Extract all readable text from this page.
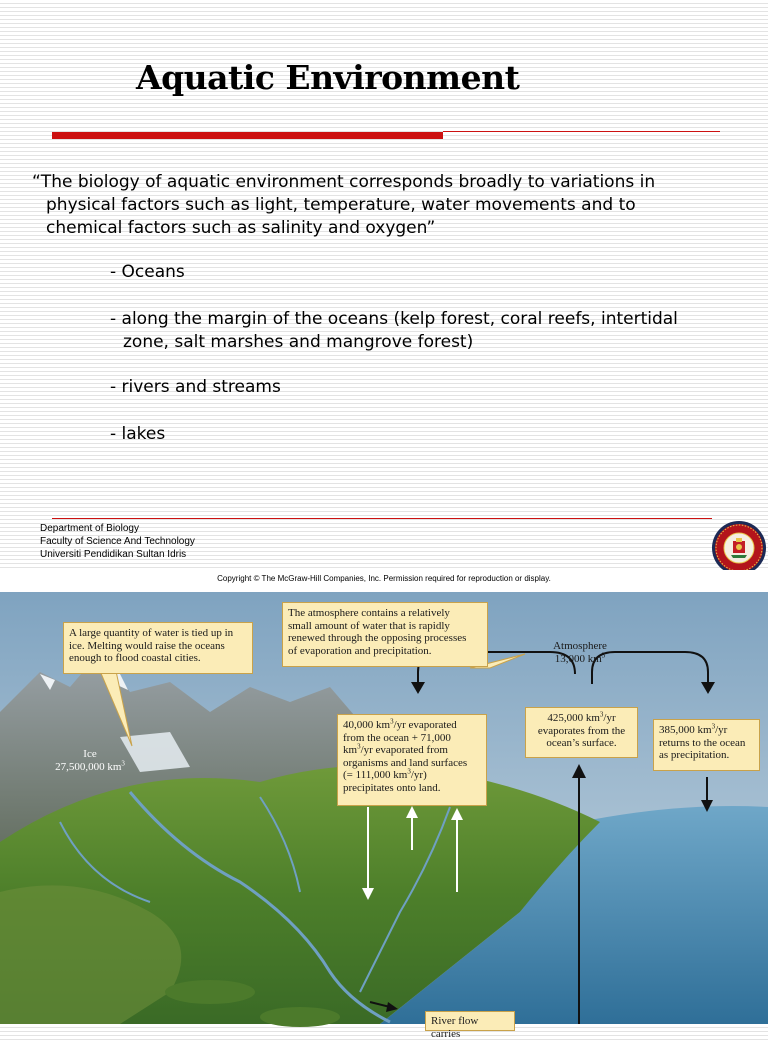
Aquatic Environment

“The biology of aquatic environment corresponds broadly to variations in
physical factors such as light, temperature, water movements and to
chemical factors such as salinity and oxygen”

- Oceans
- along the margin of the oceans (kelp forest, coral reefs, intertidal
zone, salt marshes and mangrove forest)
- rivers and streams
- lakes
Department of Biology
Faculty of Science And Technology
Universiti Pendidikan Sultan Idris
Copyright © The McGraw-Hill Companies, Inc. Permission required for reproduction or display.
A large quantity of water is tied up in
ice. Melting would raise the oceans
enough to flood coastal cities.
The atmosphere contains a relatively
small amount of water that is rapidly
renewed through the opposing processes
of evaporation and precipitation.	Atmosphere
13,000 $km^3$
Ice
27,500,000 $km^3$
40,000 $km^3/yr$ evaporated
from the ocean + 71,000
$km^3/yr$ evaporated from
organisms and land surfaces
(= 111,000 $km^3/yr$)
precipitates onto land.
425,000 $km^3/yr$
evaporates from the
ocean’s surface.
385,000 $km^3/yr$
returns to the ocean
as precipitation.
River flow carries
